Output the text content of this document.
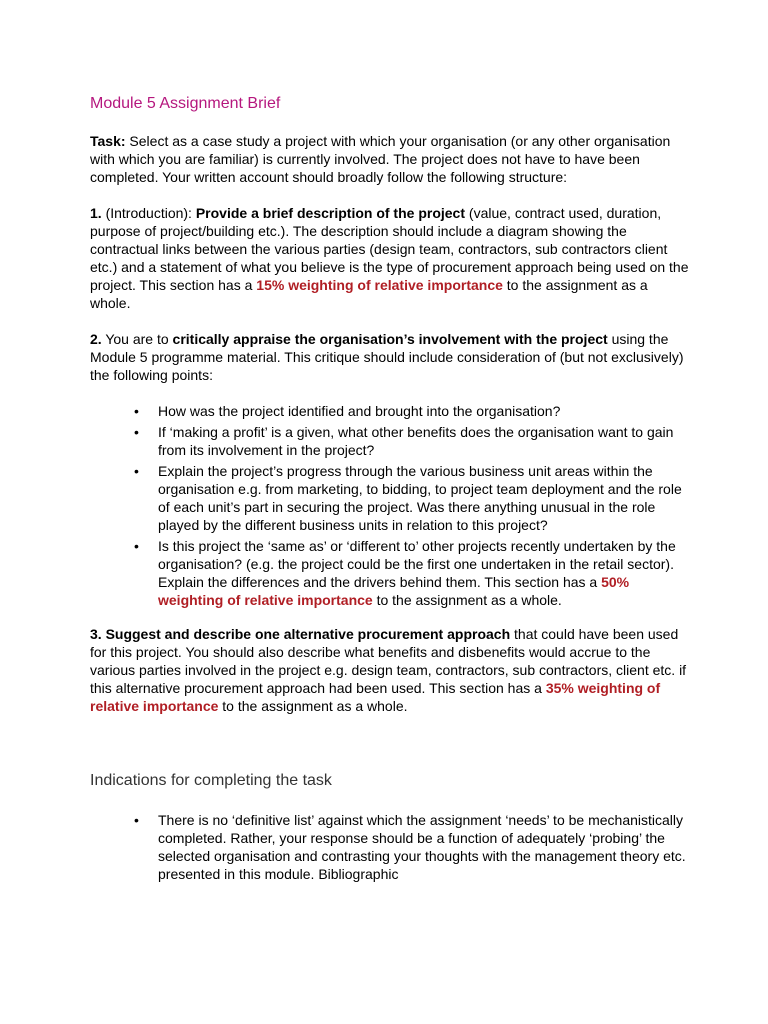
Module 5 Assignment Brief

Task: Select as a case study a project with which your organisation (or any other organisation with which you are familiar) is currently involved. The project does not have to have been completed. Your written account should broadly follow the following structure:

1. (Introduction): Provide a brief description of the project (value, contract used, duration, purpose of project/building etc.). The description should include a diagram showing the contractual links between the various parties (design team, contractors, sub contractors client etc.) and a statement of what you believe is the type of procurement approach being used on the project. This section has a 15% weighting of relative importance to the assignment as a whole.

2. You are to critically appraise the organisation’s involvement with the project using the Module 5 programme material. This critique should include consideration of (but not exclusively) the following points:

• How was the project identified and brought into the organisation?
• If ‘making a profit’ is a given, what other benefits does the organisation want to gain from its involvement in the project?
• Explain the project’s progress through the various business unit areas within the organisation e.g. from marketing, to bidding, to project team deployment and the role of each unit’s part in securing the project. Was there anything unusual in the role played by the different business units in relation to this project?
• Is this project the ‘same as’ or ‘different to’ other projects recently undertaken by the organisation? (e.g. the project could be the first one undertaken in the retail sector). Explain the differences and the drivers behind them. This section has a 50% weighting of relative importance to the assignment as a whole.

3. Suggest and describe one alternative procurement approach that could have been used for this project. You should also describe what benefits and disbenefits would accrue to the various parties involved in the project e.g. design team, contractors, sub contractors, client etc. if this alternative procurement approach had been used. This section has a 35% weighting of relative importance to the assignment as a whole.

Indications for completing the task
• There is no ‘definitive list’ against which the assignment ‘needs’ to be mechanistically completed. Rather, your response should be a function of adequately ‘probing’ the selected organisation and contrasting your thoughts with the management theory etc. presented in this module. Bibliographic
